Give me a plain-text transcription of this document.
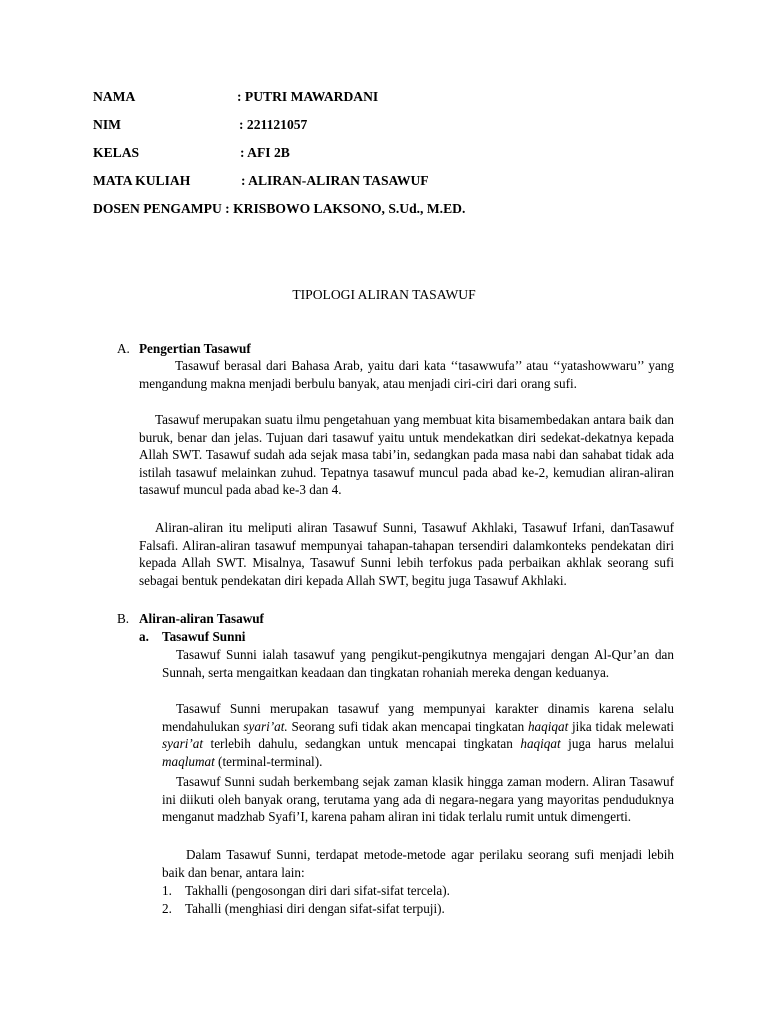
NAMA	: PUTRI MAWARDANI
NIM	: 221121057
KELAS	: AFI 2B
MATA KULIAH	: ALIRAN-ALIRAN TASAWUF
DOSEN PENGAMPU : KRISBOWO LAKSONO, S.Ud., M.ED.
TIPOLOGI ALIRAN TASAWUF
A. Pengertian Tasawuf
Tasawuf berasal dari Bahasa Arab, yaitu dari kata ‘‘tasawwufa’’ atau ‘‘yatashowwaru’’ yang mengandung makna menjadi berbulu banyak, atau menjadi ciri-ciri dari orang sufi.
Tasawuf merupakan suatu ilmu pengetahuan yang membuat kita bisamembedakan antara baik dan buruk, benar dan jelas. Tujuan dari tasawuf yaitu untuk mendekatkan diri sedekat-dekatnya kepada Allah SWT. Tasawuf sudah ada sejak masa tabi’in, sedangkan pada masa nabi dan sahabat tidak ada istilah tasawuf melainkan zuhud. Tepatnya tasawuf muncul pada abad ke-2, kemudian aliran-aliran tasawuf muncul pada abad ke-3 dan 4.
Aliran-aliran itu meliputi aliran Tasawuf Sunni, Tasawuf Akhlaki, Tasawuf Irfani, danTasawuf Falsafi. Aliran-aliran tasawuf mempunyai tahapan-tahapan tersendiri dalamkonteks pendekatan diri kepada Allah SWT. Misalnya, Tasawuf Sunni lebih terfokus pada perbaikan akhlak seorang sufi sebagai bentuk pendekatan diri kepada Allah SWT, begitu juga Tasawuf Akhlaki.
B. Aliran-aliran Tasawuf
a. Tasawuf Sunni
Tasawuf Sunni ialah tasawuf yang pengikut-pengikutnya mengajari dengan Al-Qur’an dan Sunnah, serta mengaitkan keadaan dan tingkatan rohaniah mereka dengan keduanya.
Tasawuf Sunni merupakan tasawuf yang mempunyai karakter dinamis karena selalu mendahulukan syari’at. Seorang sufi tidak akan mencapai tingkatan haqiqat jika tidak melewati syari’at terlebih dahulu, sedangkan untuk mencapai tingkatan haqiqat juga harus melalui maqlumat (terminal-terminal).
Tasawuf Sunni sudah berkembang sejak zaman klasik hingga zaman modern. Aliran Tasawuf ini diikuti oleh banyak orang, terutama yang ada di negara-negara yang mayoritas penduduknya menganut madzhab Syafi’I, karena paham aliran ini tidak terlalu rumit untuk dimengerti.
Dalam Tasawuf Sunni, terdapat metode-metode agar perilaku seorang sufi menjadi lebih baik dan benar, antara lain:
1. Takhalli (pengosongan diri dari sifat-sifat tercela).
2. Tahalli (menghiasi diri dengan sifat-sifat terpuji).
